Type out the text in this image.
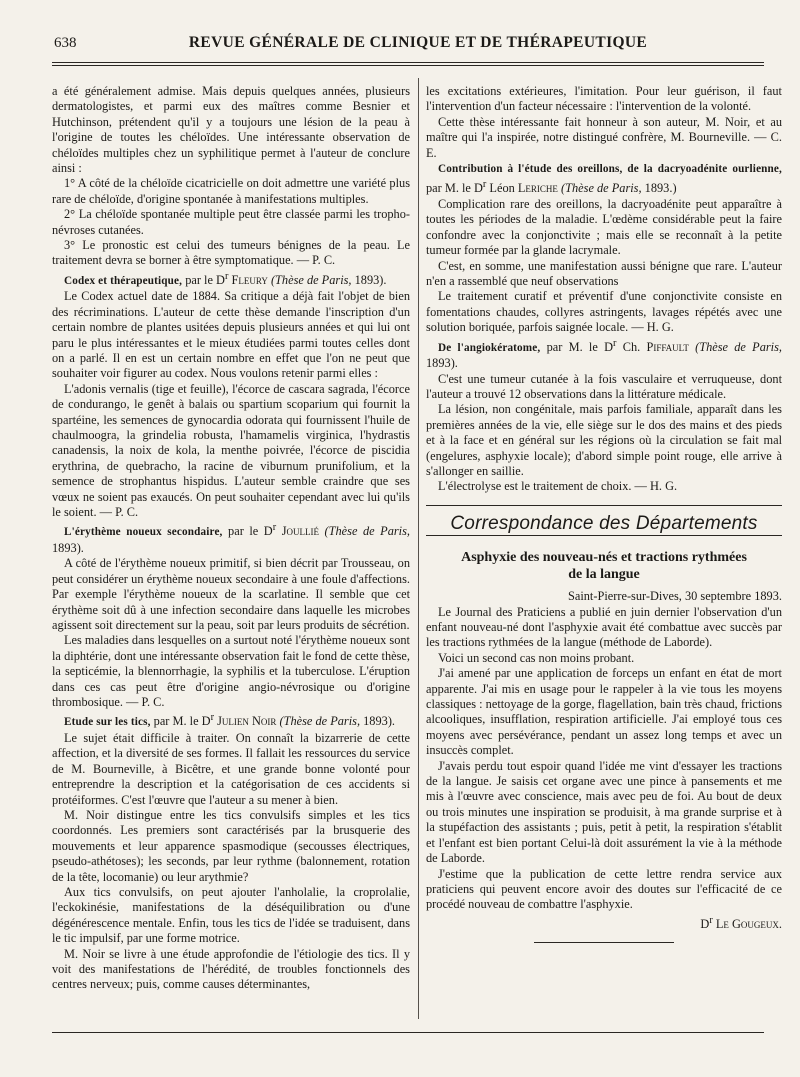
638	REVUE GÉNÉRALE DE CLINIQUE ET DE THÉRAPEUTIQUE

a été généralement admise. Mais depuis quelques années, plusieurs dermatologistes, et parmi eux des maîtres comme Besnier et Hutchinson, prétendent qu'il y a toujours une lésion de la peau à l'origine de toutes les chéloïdes. Une intéressante observation de chéloïdes multiples chez un syphilitique permet à l'auteur de conclure ainsi :

1° A côté de la chéloïde cicatricielle on doit admettre une variété plus rare de chéloïde, d'origine spontanée à manifestations multiples.

2° La chéloïde spontanée multiple peut être classée parmi les tropho-névroses cutanées.

3° Le pronostic est celui des tumeurs bénignes de la peau. Le traitement devra se borner à être symptomatique. — P. C.

Codex et thérapeutique, par le $D^r$ Fleury (Thèse de Paris, 1893).

Le Codex actuel date de 1884. Sa critique a déjà fait l'objet de bien des récriminations. L'auteur de cette thèse demande l'inscription d'un certain nombre de plantes usitées depuis plusieurs années et qui lui ont paru le plus intéressantes et le mieux étudiées parmi toutes celles dont on a parlé. Il en est un certain nombre en effet que l'on ne peut que souhaiter voir figurer au codex. Nous voulons retenir parmi elles :

L'adonis vernalis (tige et feuille), l'écorce de cascara sagrada, l'écorce de condurango, le genêt à balais ou spartium scoparium qui fournit la spartéine, les semences de gynocardia odorata qui fournissent l'huile de chaulmoogra, la grindelia robusta, l'hamamelis virginica, l'hydrastis canadensis, la noix de kola, la menthe poivrée, l'écorce de piscidia erythrina, de quebracho, la racine de viburnum prunifolium, et la semence de strophantus hispidus. L'auteur semble craindre que ses vœux ne soient pas exaucés. On peut souhaiter cependant avec lui qu'ils le soient. — P. C.

L'érythème noueux secondaire, par le $D^r$ Joullié (Thèse de Paris, 1893).

A côté de l'érythème noueux primitif, si bien décrit par Trousseau, on peut considérer un érythème noueux secondaire à une foule d'affections. Par exemple l'érythème noueux de la scarlatine. Il semble que cet érythème soit dû à une infection secondaire dans laquelle les microbes agissent soit directement sur la peau, soit par leurs produits de sécrétion.

Les maladies dans lesquelles on a surtout noté l'érythème noueux sont la diphtérie, dont une intéressante observation fait le fond de cette thèse, la septicémie, la blennorrhagie, la syphilis et la tuberculose. L'éruption dans ces cas peut être d'origine angio-névrosique ou d'origine thrombosique. — P. C.

Etude sur les tics, par M. le $D^r$ Julien Noir (Thèse de Paris, 1893).

Le sujet était difficile à traiter. On connaît la bizarrerie de cette affection, et la diversité de ses formes. Il fallait les ressources du service de M. Bourneville, à Bicêtre, et une grande bonne volonté pour entreprendre la description et la catégorisation de ces accidents si protéiformes. C'est l'œuvre que l'auteur a su mener à bien.

M. Noir distingue entre les tics convulsifs simples et les tics coordonnés. Les premiers sont caractérisés par la brusquerie des mouvements et leur apparence spasmodique (secousses électriques, pseudo-athétoses); les seconds, par leur rythme (balonnement, rotation de la tête, locomanie) ou leur arythmie?

Aux tics convulsifs, on peut ajouter l'anholalie, la croprolalie, l'eckokinésie, manifestations de la déséquilibration ou d'une dégénérescence mentale. Enfin, tous les tics de l'idée se traduisent, dans le tic impulsif, par une forme motrice.

M. Noir se livre à une étude approfondie de l'étiologie des tics. Il y voit des manifestations de l'hérédité, de troubles fonctionnels des centres nerveux; puis, comme causes déterminantes,

les excitations extérieures, l'imitation. Pour leur guérison, il faut l'intervention d'un facteur nécessaire : l'intervention de la volonté.

Cette thèse intéressante fait honneur à son auteur, M. Noir, et au maître qui l'a inspirée, notre distingué confrère, M. Bourneville. — C. E.

Contribution à l'étude des oreillons, de la dacryoadénite ourlienne, par M. le $D^r$ Léon Leriche (Thèse de Paris, 1893.)

Complication rare des oreillons, la dacryoadénite peut apparaître à toutes les périodes de la maladie. L'œdème considérable peut la faire confondre avec la conjonctivite ; mais elle se reconnaît à la petite tumeur formée par la glande lacrymale.

C'est, en somme, une manifestation aussi bénigne que rare. L'auteur n'en a rassemblé que neuf observations

Le traitement curatif et préventif d'une conjonctivite consiste en fomentations chaudes, collyres astringents, lavages répétés avec une solution boriquée, parfois saignée locale. — H. G.

De l'angiokératome, par M. le $D^r$ Ch. Piffault (Thèse de Paris, 1893).

C'est une tumeur cutanée à la fois vasculaire et verruqueuse, dont l'auteur a trouvé 12 observations dans la littérature médicale.

La lésion, non congénitale, mais parfois familiale, apparaît dans les premières années de la vie, elle siège sur le dos des mains et des pieds et à la face et en général sur les régions où la circulation se fait mal (engelures, asphyxie locale); d'abord simple point rouge, elle arrive à s'allonger en saillie.

L'électrolyse est le traitement de choix. — H. G.

Correspondance des Départements
Asphyxie des nouveau-nés et tractions rythmées
de la langue

Saint-Pierre-sur-Dives, 30 septembre 1893.

Le Journal des Praticiens a publié en juin dernier l'observation d'un enfant nouveau-né dont l'asphyxie avait été combattue avec succès par les tractions rythmées de la langue (méthode de Laborde).

Voici un second cas non moins probant.

J'ai amené par une application de forceps un enfant en état de mort apparente. J'ai mis en usage pour le rappeler à la vie tous les moyens classiques : nettoyage de la gorge, flagellation, bain très chaud, frictions alcooliques, insufflation, respiration artificielle. J'ai employé tous ces moyens avec persévérance, pendant un assez long temps et avec un insuccès complet.

J'avais perdu tout espoir quand l'idée me vint d'essayer les tractions de la langue. Je saisis cet organe avec une pince à pansements et me mis à l'œuvre avec conscience, mais avec peu de foi. Au bout de deux ou trois minutes une inspiration se produisit, à ma grande surprise et à la stupéfaction des assistants ; puis, petit à petit, la respiration s'établit et l'enfant est bien portant Celui-là doit assurément la vie à la méthode de Laborde.

J'estime que la publication de cette lettre rendra service aux praticiens qui peuvent encore avoir des doutes sur l'efficacité de ce procédé nouveau de combattre l'asphyxie.

$D^r$ Le Gougeux.
